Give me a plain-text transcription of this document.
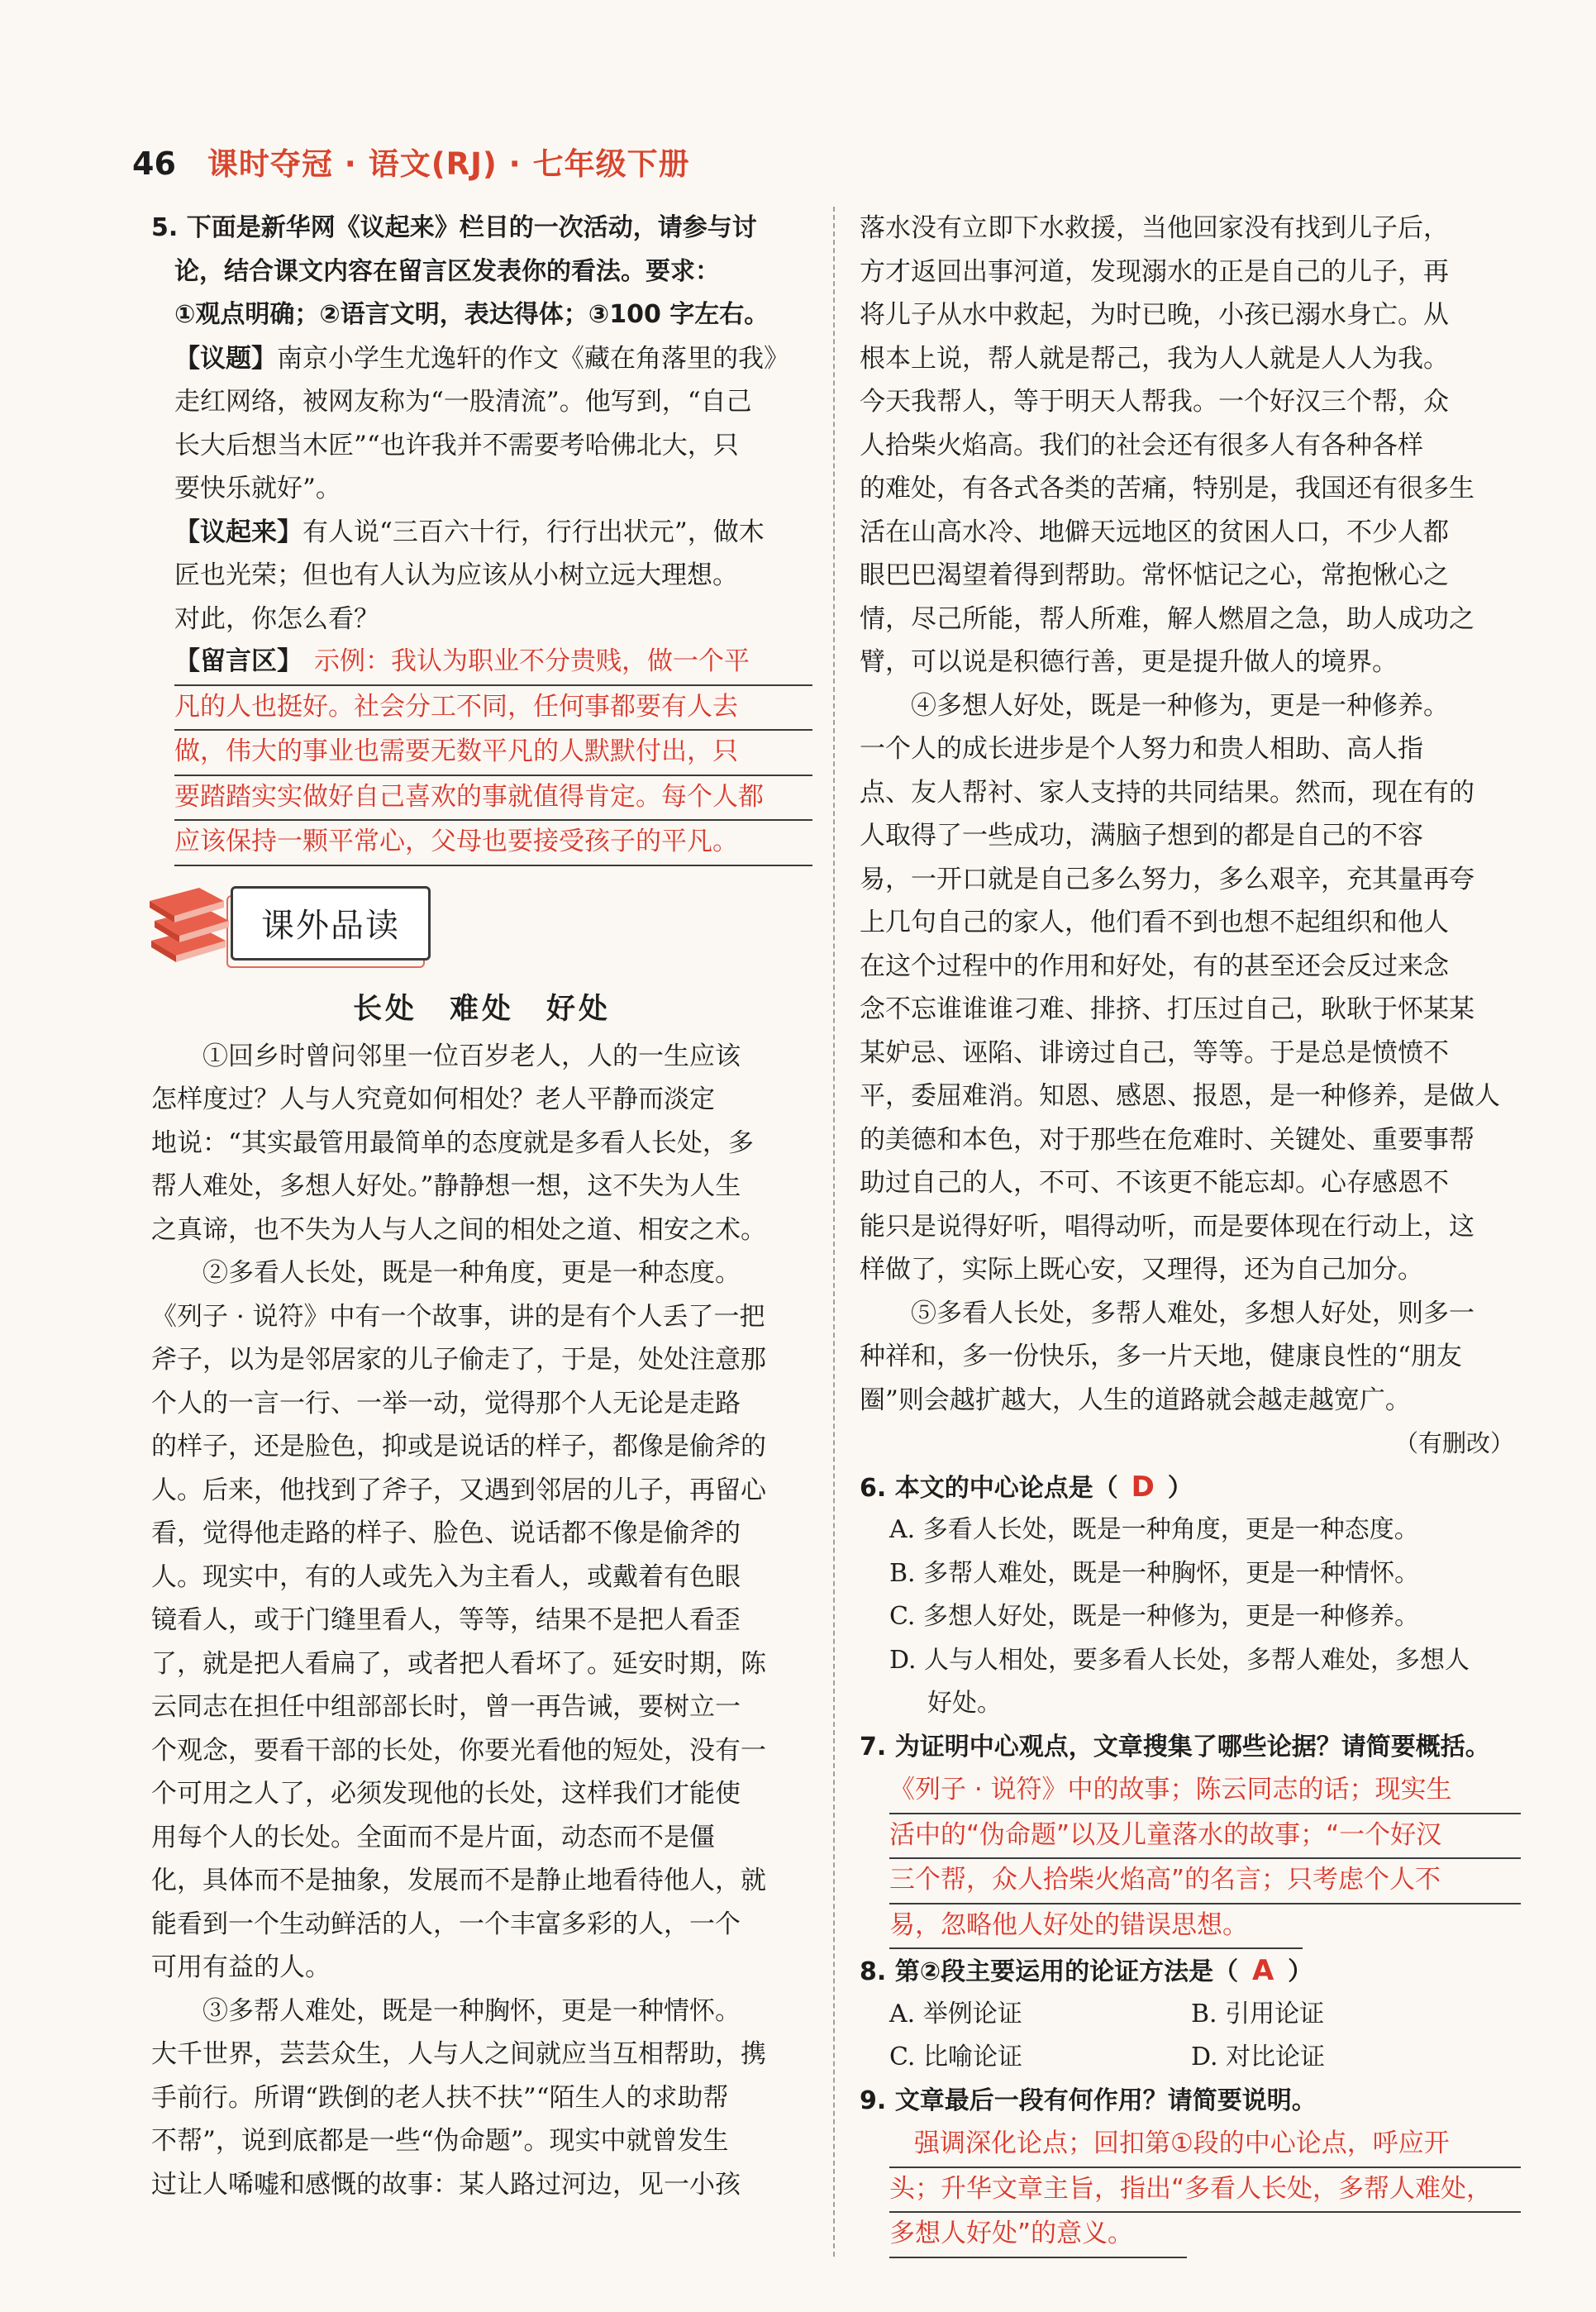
46 课时夺冠 · 语文(RJ) · 七年级下册
5. 下面是新华网《议起来》栏目的一次活动，请参与讨
论，结合课文内容在留言区发表你的看法。要求：
①观点明确；②语言文明，表达得体；③100 字左右。
【议题】南京小学生尤逸轩的作文《藏在角落里的我》
走红网络，被网友称为“一股清流”。他写到，“自己
长大后想当木匠”“也许我并不需要考哈佛北大，只
要快乐就好”。
【议起来】有人说“三百六十行，行行出状元”，做木
匠也光荣；但也有人认为应该从小树立远大理想。
对此，你怎么看？
【留言区】 示例：我认为职业不分贵贱，做一个平
凡的人也挺好。社会分工不同，任何事都要有人去
做，伟大的事业也需要无数平凡的人默默付出，只
要踏踏实实做好自己喜欢的事就值得肯定。每个人都
应该保持一颗平常心，父母也要接受孩子的平凡。
课外品读
长处　难处　好处
①回乡时曾问邻里一位百岁老人，人的一生应该
怎样度过？人与人究竟如何相处？老人平静而淡定
地说：“其实最管用最简单的态度就是多看人长处，多
帮人难处，多想人好处。”静静想一想，这不失为人生
之真谛，也不失为人与人之间的相处之道、相安之术。
②多看人长处，既是一种角度，更是一种态度。
《列子 · 说符》中有一个故事，讲的是有个人丢了一把
斧子，以为是邻居家的儿子偷走了，于是，处处注意那
个人的一言一行、一举一动，觉得那个人无论是走路
的样子，还是脸色，抑或是说话的样子，都像是偷斧的
人。后来，他找到了斧子，又遇到邻居的儿子，再留心
看，觉得他走路的样子、脸色、说话都不像是偷斧的
人。现实中，有的人或先入为主看人，或戴着有色眼
镜看人，或于门缝里看人，等等，结果不是把人看歪
了，就是把人看扁了，或者把人看坏了。延安时期，陈
云同志在担任中组部部长时，曾一再告诫，要树立一
个观念，要看干部的长处，你要光看他的短处，没有一
个可用之人了，必须发现他的长处，这样我们才能使
用每个人的长处。全面而不是片面，动态而不是僵
化，具体而不是抽象，发展而不是静止地看待他人，就
能看到一个生动鲜活的人，一个丰富多彩的人，一个
可用有益的人。
③多帮人难处，既是一种胸怀，更是一种情怀。
大千世界，芸芸众生，人与人之间就应当互相帮助，携
手前行。所谓“跌倒的老人扶不扶”“陌生人的求助帮
不帮”，说到底都是一些“伪命题”。现实中就曾发生
过让人唏嘘和感慨的故事：某人路过河边，见一小孩
落水没有立即下水救援，当他回家没有找到儿子后，
方才返回出事河道，发现溺水的正是自己的儿子，再
将儿子从水中救起，为时已晚，小孩已溺水身亡。从
根本上说，帮人就是帮己，我为人人就是人人为我。
今天我帮人，等于明天人帮我。一个好汉三个帮，众
人拾柴火焰高。我们的社会还有很多人有各种各样
的难处，有各式各类的苦痛，特别是，我国还有很多生
活在山高水冷、地僻天远地区的贫困人口，不少人都
眼巴巴渴望着得到帮助。常怀惦记之心，常抱愀心之
情，尽己所能，帮人所难，解人燃眉之急，助人成功之
臂，可以说是积德行善，更是提升做人的境界。
④多想人好处，既是一种修为，更是一种修养。
一个人的成长进步是个人努力和贵人相助、高人指
点、友人帮衬、家人支持的共同结果。然而，现在有的
人取得了一些成功，满脑子想到的都是自己的不容
易，一开口就是自己多么努力，多么艰辛，充其量再夸
上几句自己的家人，他们看不到也想不起组织和他人
在这个过程中的作用和好处，有的甚至还会反过来念
念不忘谁谁谁刁难、排挤、打压过自己，耿耿于怀某某
某妒忌、诬陷、诽谤过自己，等等。于是总是愤愤不
平，委屈难消。知恩、感恩、报恩，是一种修养，是做人
的美德和本色，对于那些在危难时、关键处、重要事帮
助过自己的人，不可、不该更不能忘却。心存感恩不
能只是说得好听，唱得动听，而是要体现在行动上，这
样做了，实际上既心安，又理得，还为自己加分。
⑤多看人长处，多帮人难处，多想人好处，则多一
种祥和，多一份快乐，多一片天地，健康良性的“朋友
圈”则会越扩越大，人生的道路就会越走越宽广。
（有删改）
6. 本文的中心论点是（ D ）
A. 多看人长处，既是一种角度，更是一种态度。
B. 多帮人难处，既是一种胸怀，更是一种情怀。
C. 多想人好处，既是一种修为，更是一种修养。
D. 人与人相处，要多看人长处，多帮人难处，多想人
好处。
7. 为证明中心观点，文章搜集了哪些论据？请简要概括。
《列子 · 说符》中的故事；陈云同志的话；现实生
活中的“伪命题”以及儿童落水的故事；“一个好汉
三个帮，众人拾柴火焰高”的名言；只考虑个人不
易，忽略他人好处的错误思想。
8. 第②段主要运用的论证方法是（ A ）
A. 举例论证	B. 引用论证
C. 比喻论证	D. 对比论证
9. 文章最后一段有何作用？请简要说明。
强调深化论点；回扣第①段的中心论点，呼应开
头；升华文章主旨，指出“多看人长处，多帮人难处，
多想人好处”的意义。
